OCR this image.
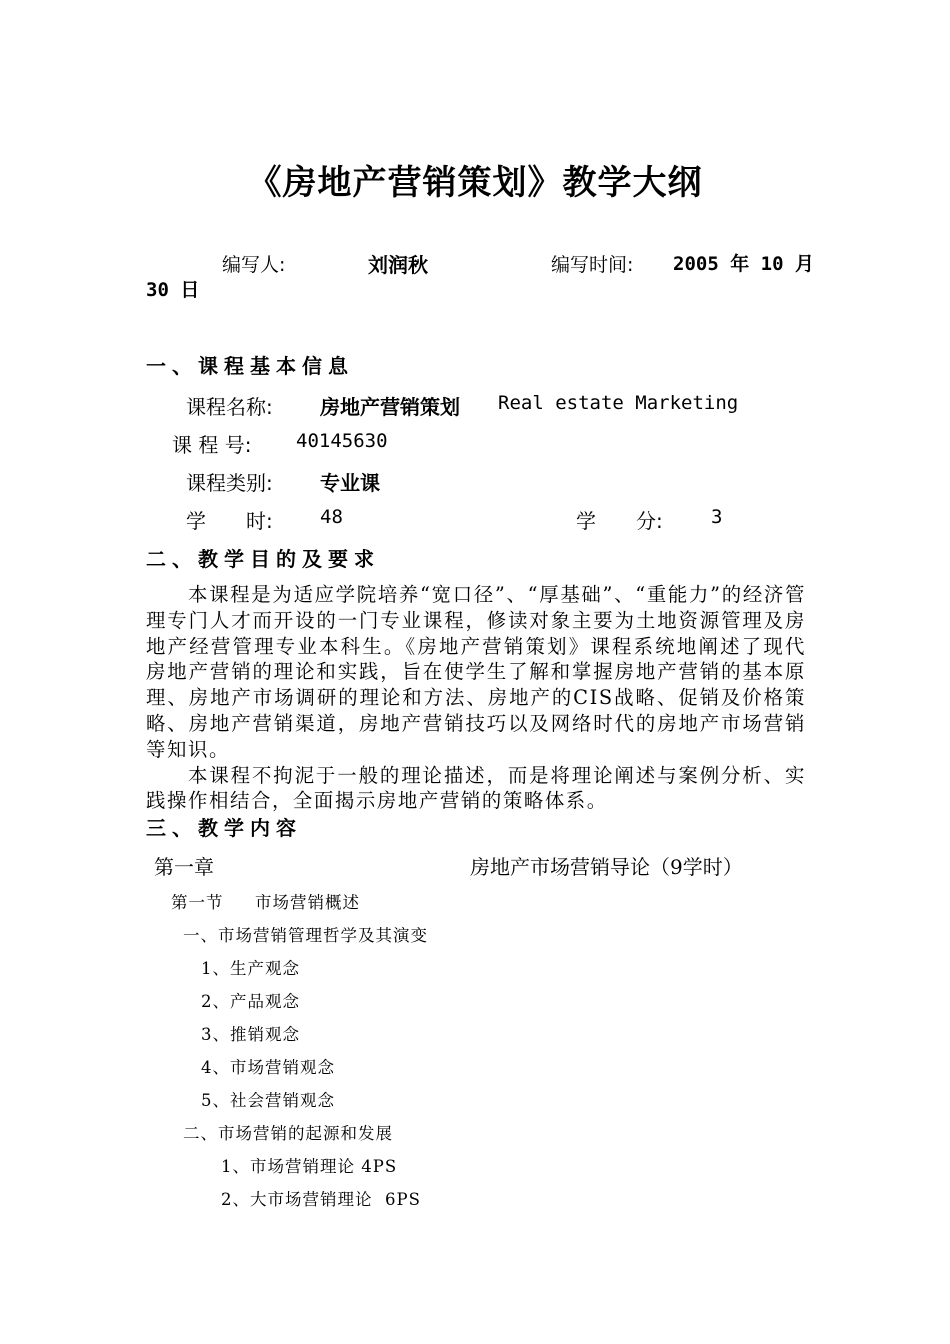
《房地产营销策划》教学大纲
编写人:	刘润秋	编写时间: 2005 年 10 月
30 日
一、课程基本信息
课程名称: 房地产营销策划 Real estate Marketing
课 程 号: 40145630
课程类别: 专业课
学　　时: 48	学　　分:	3
二、教学目的及要求

本课程是为适应学院培养“宽口径”、“厚基础”、“重能力”的经济管理专门人才而开设的一门专业课程，修读对象主要为土地资源管理及房地产经营管理专业本科生。《房地产营销策划》课程系统地阐述了现代房地产营销的理论和实践，旨在使学生了解和掌握房地产营销的基本原理、房地产市场调研的理论和方法、房地产的CIS战略、促销及价格策略、房地产营销渠道，房地产营销技巧以及网络时代的房地产市场营销等知识。

本课程不拘泥于一般的理论描述，而是将理论阐述与案例分析、实践操作相结合，全面揭示房地产营销的策略体系。

三、教学内容
第一章	房地产市场营销导论（9学时）
第一节 市场营销概述
一、市场营销管理哲学及其演变
1、生产观念
2、产品观念
3、推销观念
4、市场营销观念
5、社会营销观念
二、市场营销的起源和发展
1、市场营销理论 4PS
2、大市场营销理论  6PS
